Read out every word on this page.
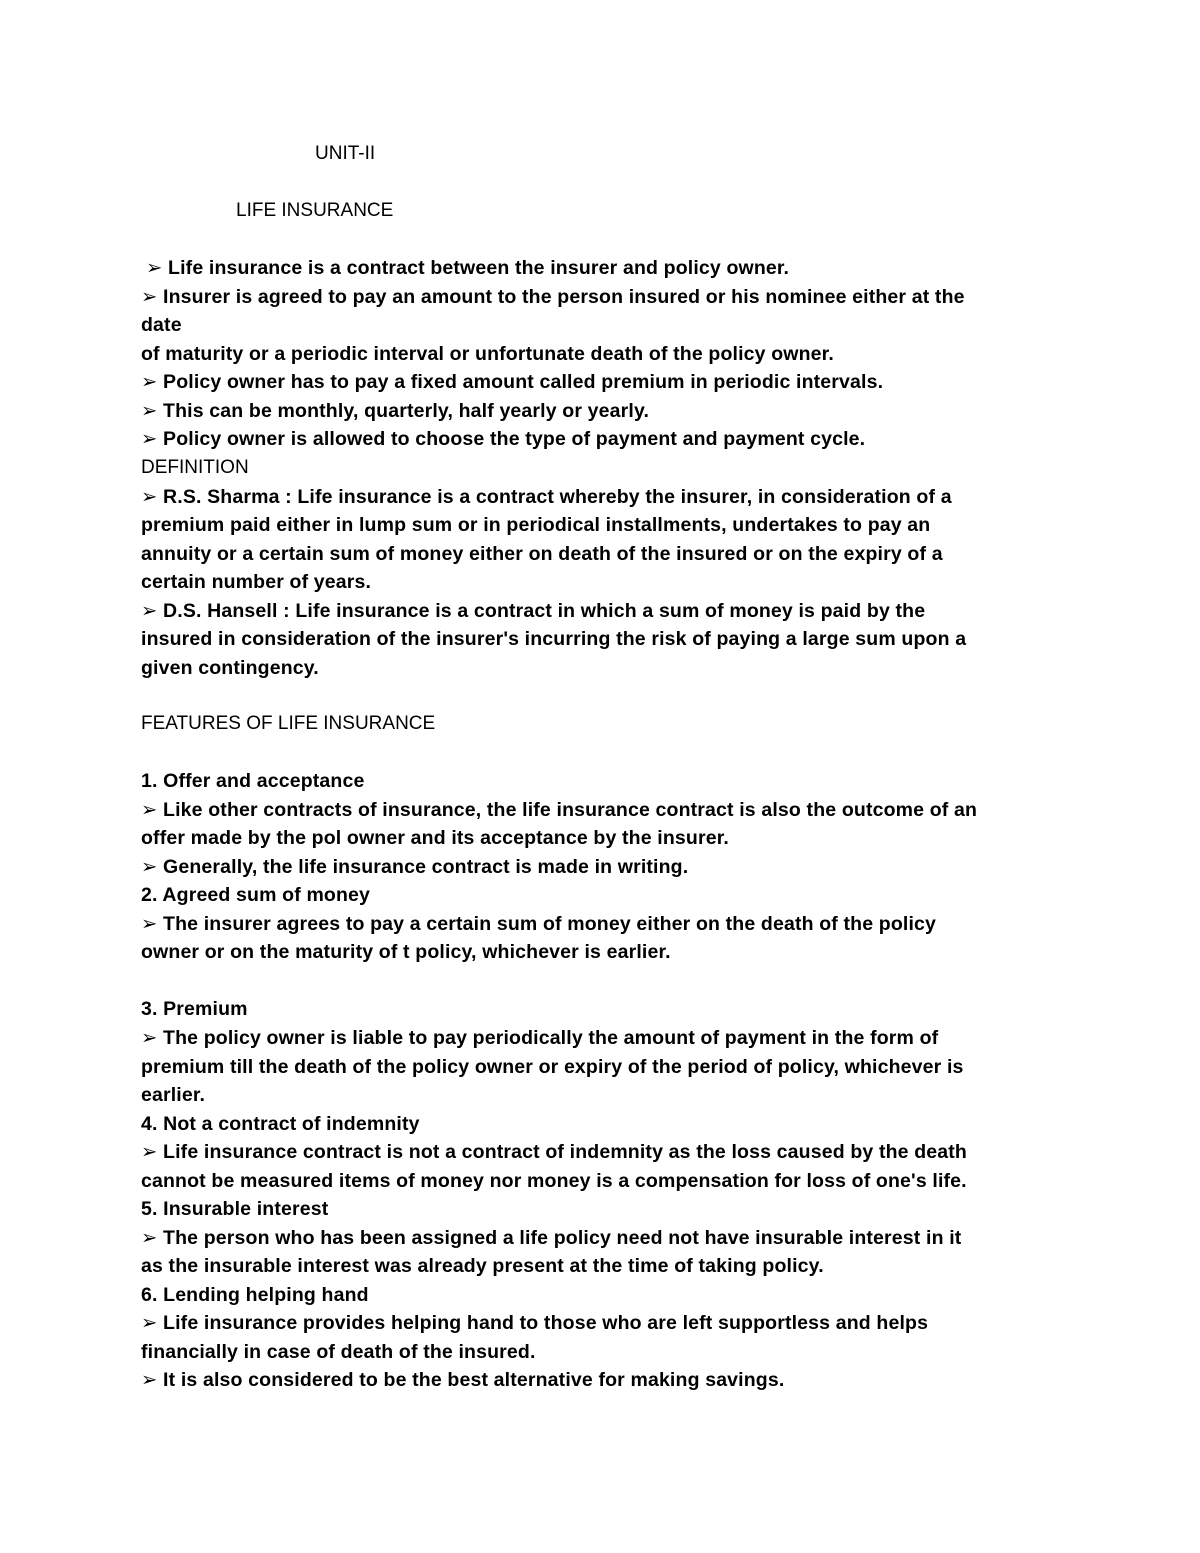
UNIT-II
LIFE INSURANCE
➢ Life insurance is a contract between the insurer and policy owner.
➢ Insurer is agreed to pay an amount to the person insured or his nominee either at the
date
of maturity or a periodic interval or unfortunate death of the policy owner.
➢ Policy owner has to pay a fixed amount called premium in periodic intervals.
➢ This can be monthly, quarterly, half yearly or yearly.
➢ Policy owner is allowed to choose the type of payment and payment cycle.
DEFINITION
➢ R.S. Sharma : Life insurance is a contract whereby the insurer, in consideration of a
premium paid either in lump sum or in periodical installments, undertakes to pay an
annuity or a certain sum of money either on death of the insured or on the expiry of a
certain number of years.
➢ D.S. Hansell : Life insurance is a contract in which a sum of money is paid by the
insured in consideration of the insurer's incurring the risk of paying a large sum upon a
given contingency.
FEATURES OF LIFE INSURANCE
1. Offer and acceptance
➢ Like other contracts of insurance, the life insurance contract is also the outcome of an
offer made by the pol owner and its acceptance by the insurer.
➢ Generally, the life insurance contract is made in writing.
2. Agreed sum of money
➢ The insurer agrees to pay a certain sum of money either on the death of the policy
owner or on the maturity of t policy, whichever is earlier.
3. Premium
➢ The policy owner is liable to pay periodically the amount of payment in the form of
premium till the death of the policy owner or expiry of the period of policy, whichever is
earlier.
4. Not a contract of indemnity
➢ Life insurance contract is not a contract of indemnity as the loss caused by the death
cannot be measured items of money nor money is a compensation for loss of one's life.
5. Insurable interest
➢ The person who has been assigned a life policy need not have insurable interest in it
as the insurable interest was already present at the time of taking policy.
6. Lending helping hand
➢ Life insurance provides helping hand to those who are left supportless and helps
financially in case of death of the insured.
➢ It is also considered to be the best alternative for making savings.
